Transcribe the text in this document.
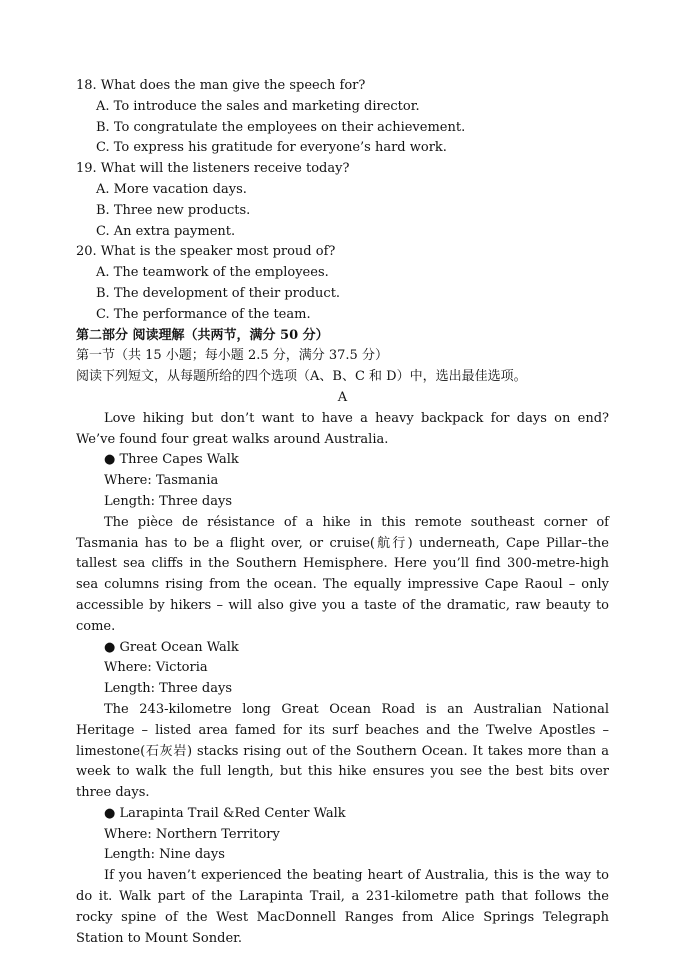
18. What does the man give the speech for?
A. To introduce the sales and marketing director.
B. To congratulate the employees on their achievement.
C. To express his gratitude for everyone’s hard work.
19. What will the listeners receive today?
A. More vacation days.
B. Three new products.
C. An extra payment.
20. What is the speaker most proud of?
A. The teamwork of the employees.
B. The development of their product.
C. The performance of the team.
第二部分 阅读理解（共两节，满分 50 分）
第一节（共 15 小题；每小题 2.5 分，满分 37.5 分）
阅读下列短文，从每题所给的四个选项（A、B、C 和 D）中，选出最佳选项。
A
Love hiking but don’t want to have a heavy backpack for days on end? We’ve found four great walks around Australia.
● Three Capes Walk
Where: Tasmania
Length: Three days
The pièce de résistance of a hike in this remote southeast corner of Tasmania has to be a flight over, or cruise(航行) underneath, Cape Pillar–the tallest sea cliffs in the Southern Hemisphere. Here you’ll find 300-metre-high sea columns rising from the ocean. The equally impressive Cape Raoul – only accessible by hikers – will also give you a taste of the dramatic, raw beauty to come.
● Great Ocean Walk
Where: Victoria
Length: Three days
The 243-kilometre long Great Ocean Road is an Australian National Heritage – listed area famed for its surf beaches and the Twelve Apostles – limestone(石灰岩) stacks rising out of the Southern Ocean. It takes more than a week to walk the full length, but this hike ensures you see the best bits over three days.
● Larapinta Trail &Red Center Walk
Where: Northern Territory
Length: Nine days
If you haven’t experienced the beating heart of Australia, this is the way to do it. Walk part of the Larapinta Trail, a 231-kilometre path that follows the rocky spine of the West MacDonnell Ranges from Alice Springs Telegraph Station to Mount Sonder.
